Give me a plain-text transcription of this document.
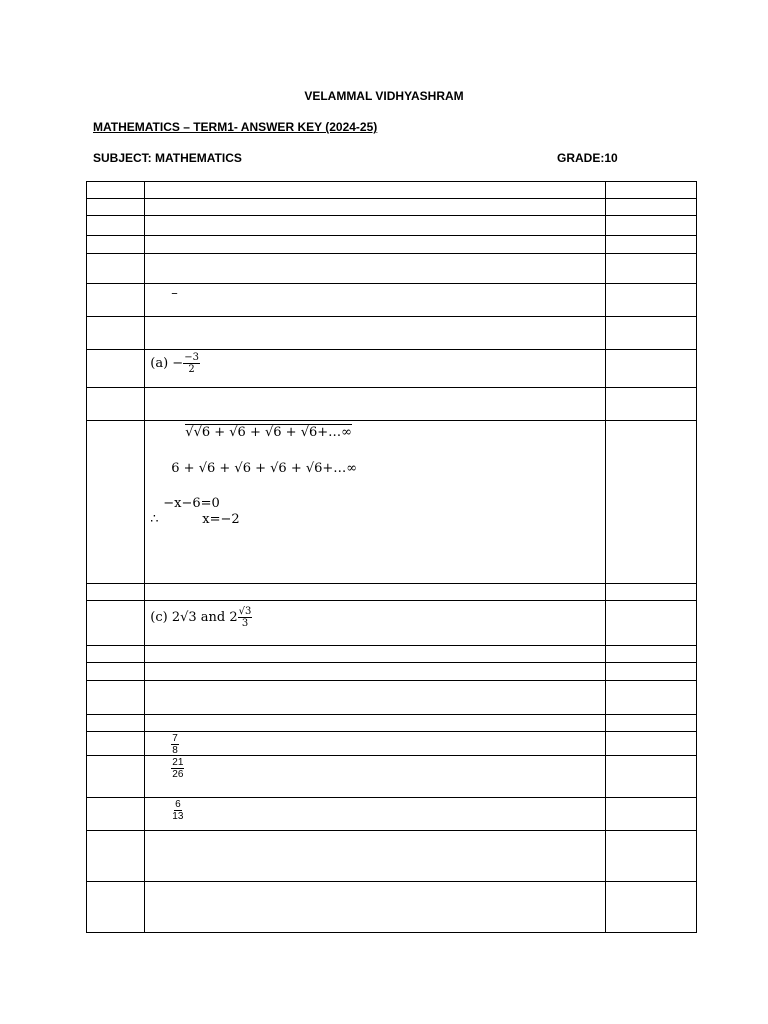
VELAMMAL VIDHYASHRAM
MATHEMATICS – TERM1- ANSWER KEY (2024-25)
SUBJECT: MATHEMATICS	GRADE:10

	–	

	$(a) - \frac{-3}{2}$

	√√6 + √6 + √6 + √6+…∞
6 + √6 + √6 + √6 + √6+…∞
−x−6=0
∴ x=−2	

	(c) 2√3 and $2 \frac{√3}{3}$

	$\frac{7}{8}$

	$\frac{21}{26}$

	$\frac{6}{13}$
